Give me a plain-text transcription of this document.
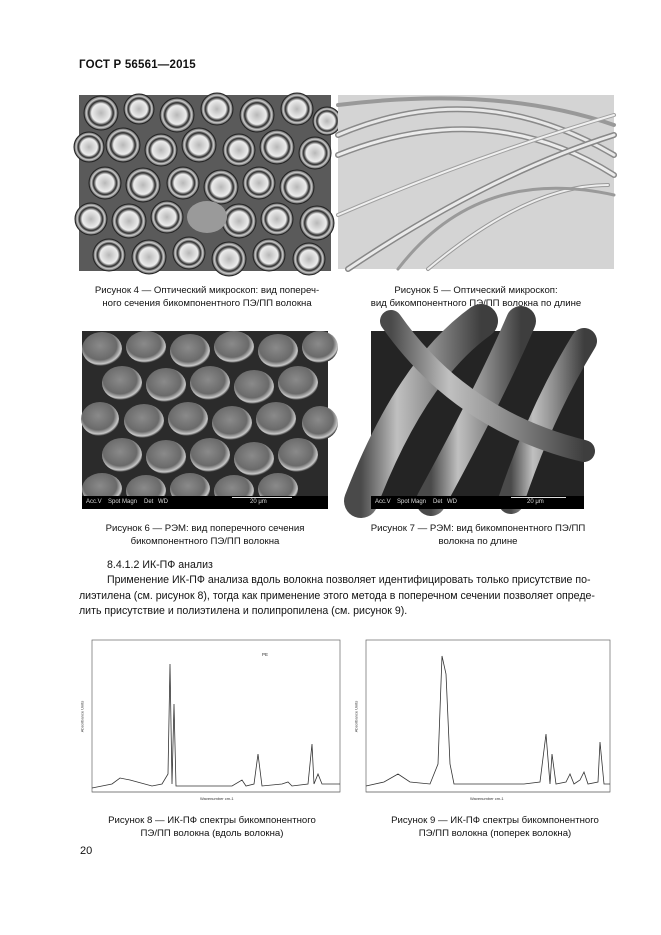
ГОСТ Р 56561—2015
Рисунок 4 — Оптический микроскоп: вид попереч-
ного сечения бикомпонентного ПЭ/ПП волокна
Рисунок 5 — Оптический микроскоп:
вид бикомпонентного ПЭ/ПП волокна по длине
Acc.V Spot Magn Det WD	20 μm	Acc.V Spot Magn Det WD	20 μm
Рисунок 6 — РЭМ: вид поперечного сечения
бикомпонентного ПЭ/ПП волокна
Рисунок 7 — РЭМ: вид бикомпонентного ПЭ/ПП
волокна по длине
8.4.1.2 ИК-ПФ анализ
Применение ИК-ПФ анализа вдоль волокна позволяет идентифицировать только присутствие по-
лиэтилена (см. рисунок 8), тогда как применение этого метода в поперечном сечении позволяет опреде-
лить присутствие и полиэтилена и полипропилена (см. рисунок 9).
PE
Absorbance Units
Wavenumber cm-1
Absorbance Units
Wavenumber cm-1
Рисунок 8 — ИК-ПФ спектры бикомпонентного
ПЭ/ПП волокна (вдоль волокна)
Рисунок 9 — ИК-ПФ спектры бикомпонентного
ПЭ/ПП волокна (поперек волокна)
20
